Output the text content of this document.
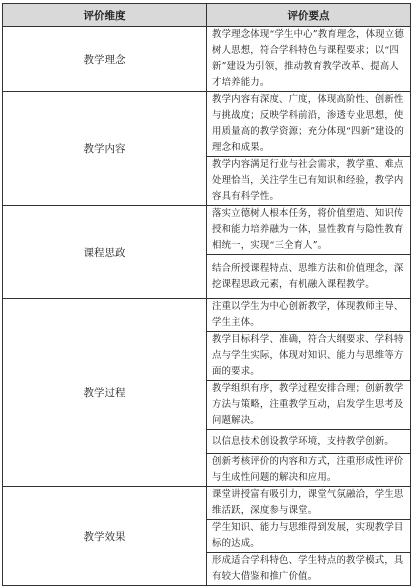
评价维度	评价要点
教学理念	教学理念体现“学生中心”教育理念，体现立德树人思想，符合学科特色与课程要求；以“四新”建设为引领，推动教育教学改革、提高人才培养能力。
教学内容	教学内容有深度、广度，体现高阶性、创新性与挑战度；反映学科前沿，渗透专业思想，使用质量高的教学资源；充分体现“四新”建设的理念和成果。
	教学内容满足行业与社会需求，教学重、难点处理恰当，关注学生已有知识和经验，教学内容具有科学性。
课程思政	落实立德树人根本任务，将价值塑造、知识传授和能力培养融为一体，显性教育与隐性教育相统一，实现“三全育人”。
	结合所授课程特点、思维方法和价值理念，深挖课程思政元素，有机融入课程教学。
教学过程	注重以学生为中心创新教学，体现教师主导、学生主体。
	教学目标科学、准确，符合大纲要求、学科特点与学生实际，体现对知识、能力与思维等方面的要求。
	教学组织有序，教学过程安排合理；创新教学方法与策略，注重教学互动，启发学生思考及问题解决。
	以信息技术创设教学环境，支持教学创新。
	创新考核评价的内容和方式，注重形成性评价与生成性问题的解决和应用。
教学效果	课堂讲授富有吸引力，课堂气氛融洽，学生思维活跃，深度参与课堂。
	学生知识、能力与思维得到发展，实现教学目标的达成。
	形成适合学科特色、学生特点的教学模式，具有较大借鉴和推广价值。
